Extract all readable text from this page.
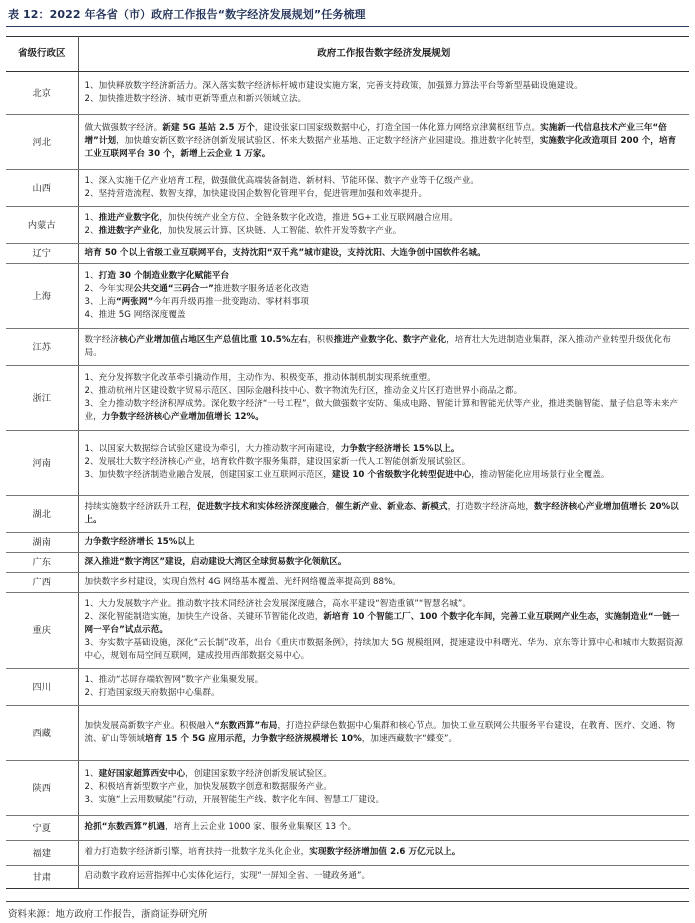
表 12：2022 年各省（市）政府工作报告“数字经济发展规划”任务梳理
省级行政区	政府工作报告数字经济发展规划
北京	1、加快释放数字经济新活力。深入落实数字经济标杆城市建设实施方案，完善支持政策，加强算力算法平台等新型基础设施建设。
2、加快推进数字经济、城市更新等重点和新兴领域立法。

河北	做大做强数字经济。新建 5G 基站 2.5 万个，建设张家口国家级数据中心，打造全国一体化算力网络京津冀枢纽节点。实施新一代信息技术产业三年“倍增”计划，加快雄安新区数字经济创新发展试验区、怀来大数据产业基地、正定数字经济产业园建设。推进数字化转型，实施数字化改造项目 200 个，培育工业互联网平台 30 个，新增上云企业 1 万家。

山西	1、深入实施千亿产业培育工程，做强做优高端装备制造、新材料、节能环保、数字产业等千亿级产业。
2、坚持营造流程、数智支撑，加快建设国企数智化管理平台，促进管理加强和效率提升。

内蒙古	1、推进产业数字化，加快传统产业全方位、全链条数字化改造，推进 5G+工业互联网融合应用。
2、推进数字产业化，加快发展云计算、区块链、人工智能、软件开发等数字产业。

辽宁	培育 50 个以上省级工业互联网平台，支持沈阳“双千兆”城市建设，支持沈阳、大连争创中国软件名城。

上海	1、打造 30 个制造业数字化赋能平台
2、今年实现公共交通“三码合一”推进数字服务适老化改造
3、上海“两张网”今年再升级再推一批变跑动、零材料事项
4、推进 5G 网络深度覆盖

江苏	数字经济核心产业增加值占地区生产总值比重 10.5%左右，积极推进产业数字化、数字产业化，培育壮大先进制造业集群，深入推动产业转型升级优化布局。

浙江	1、充分发挥数字化改革牵引撬动作用，主动作为、积极变革，推动体制机制实现系统重塑。
2、推动杭州片区建设数字贸易示范区、国际金融科技中心、数字物流先行区，推动金义片区打造世界小商品之都。
3、全力推动数字经济积厚成势。深化数字经济“一号工程”，做大做强数字安防、集成电路、智能计算和智能光伏等产业，推进类脑智能、量子信息等未来产业，力争数字经济核心产业增加值增长 12%。

河南	1、以国家大数据综合试验区建设为牵引，大力推动数字河南建设，力争数字经济增长 15%以上。
2、发展壮大数字经济核心产业，培育软件数字服务集群，建设国家新一代人工智能创新发展试验区。
3、加快数字经济制造业融合发展，创建国家工业互联网示范区，建设 10 个省级数字化转型促进中心，推动智能化应用场景行业全覆盖。

湖北	持续实施数字经济跃升工程，促进数字技术和实体经济深度融合，催生新产业、新业态、新模式，打造数字经济高地，数字经济核心产业增加值增长 20%以上。

湖南	力争数字经济增长 15%以上

广东	深入推进“数字湾区”建设，启动建设大湾区全球贸易数字化领航区。

广西	加快数字乡村建设，实现自然村 4G 网络基本覆盖、光纤网络覆盖率提高到 88%。

重庆	1、大力发展数字产业。推动数字技术同经济社会发展深度融合，高水平建设“智造重镇”“智慧名城”。
2、深化智能制造实施，加快生产设备、关键环节智能化改造，新培育 10 个智能工厂、100 个数字化车间，完善工业互联网产业生态，实施制造业“一链一网一平台”试点示范。
3、夯实数字基础设施，深化“云长制”改革，出台《重庆市数据条例》，持续加大 5G 规模组网，提速建设中科曙光、华为、京东等计算中心和城市大数据资源中心，规划布局空间互联网，建成投用西部数据交易中心。

四川	1、推动“芯屏存端软智网”数字产业集聚发展。
2、打造国家级天府数据中心集群。

西藏	加快发展高新数字产业。积极融入“东数西算”布局，打造拉萨绿色数据中心集群和核心节点。加快工业互联网公共服务平台建设，在教育、医疗、交通、物流、矿山等领域培育 15 个 5G 应用示范，力争数字经济规模增长 10%，加速西藏数字“蝶变”。

陕西	1、建好国家超算西安中心，创建国家数字经济创新发展试验区。
2、积极培育新型数字产业，加快发展数字创意和数据服务产业。
3、实施“上云用数赋能”行动，开展智能生产线、数字化车间、智慧工厂建设。

宁夏	抢抓“东数西算”机遇，培育上云企业 1000 家、服务业集聚区 13 个。

福建	着力打造数字经济新引擎，培育扶持一批数字龙头化企业，实现数字经济增加值 2.6 万亿元以上。

甘肃	启动数字政府运营指挥中心实体化运行，实现“一屏知全省、一键政务通”。
资料来源：地方政府工作报告，浙商证券研究所
